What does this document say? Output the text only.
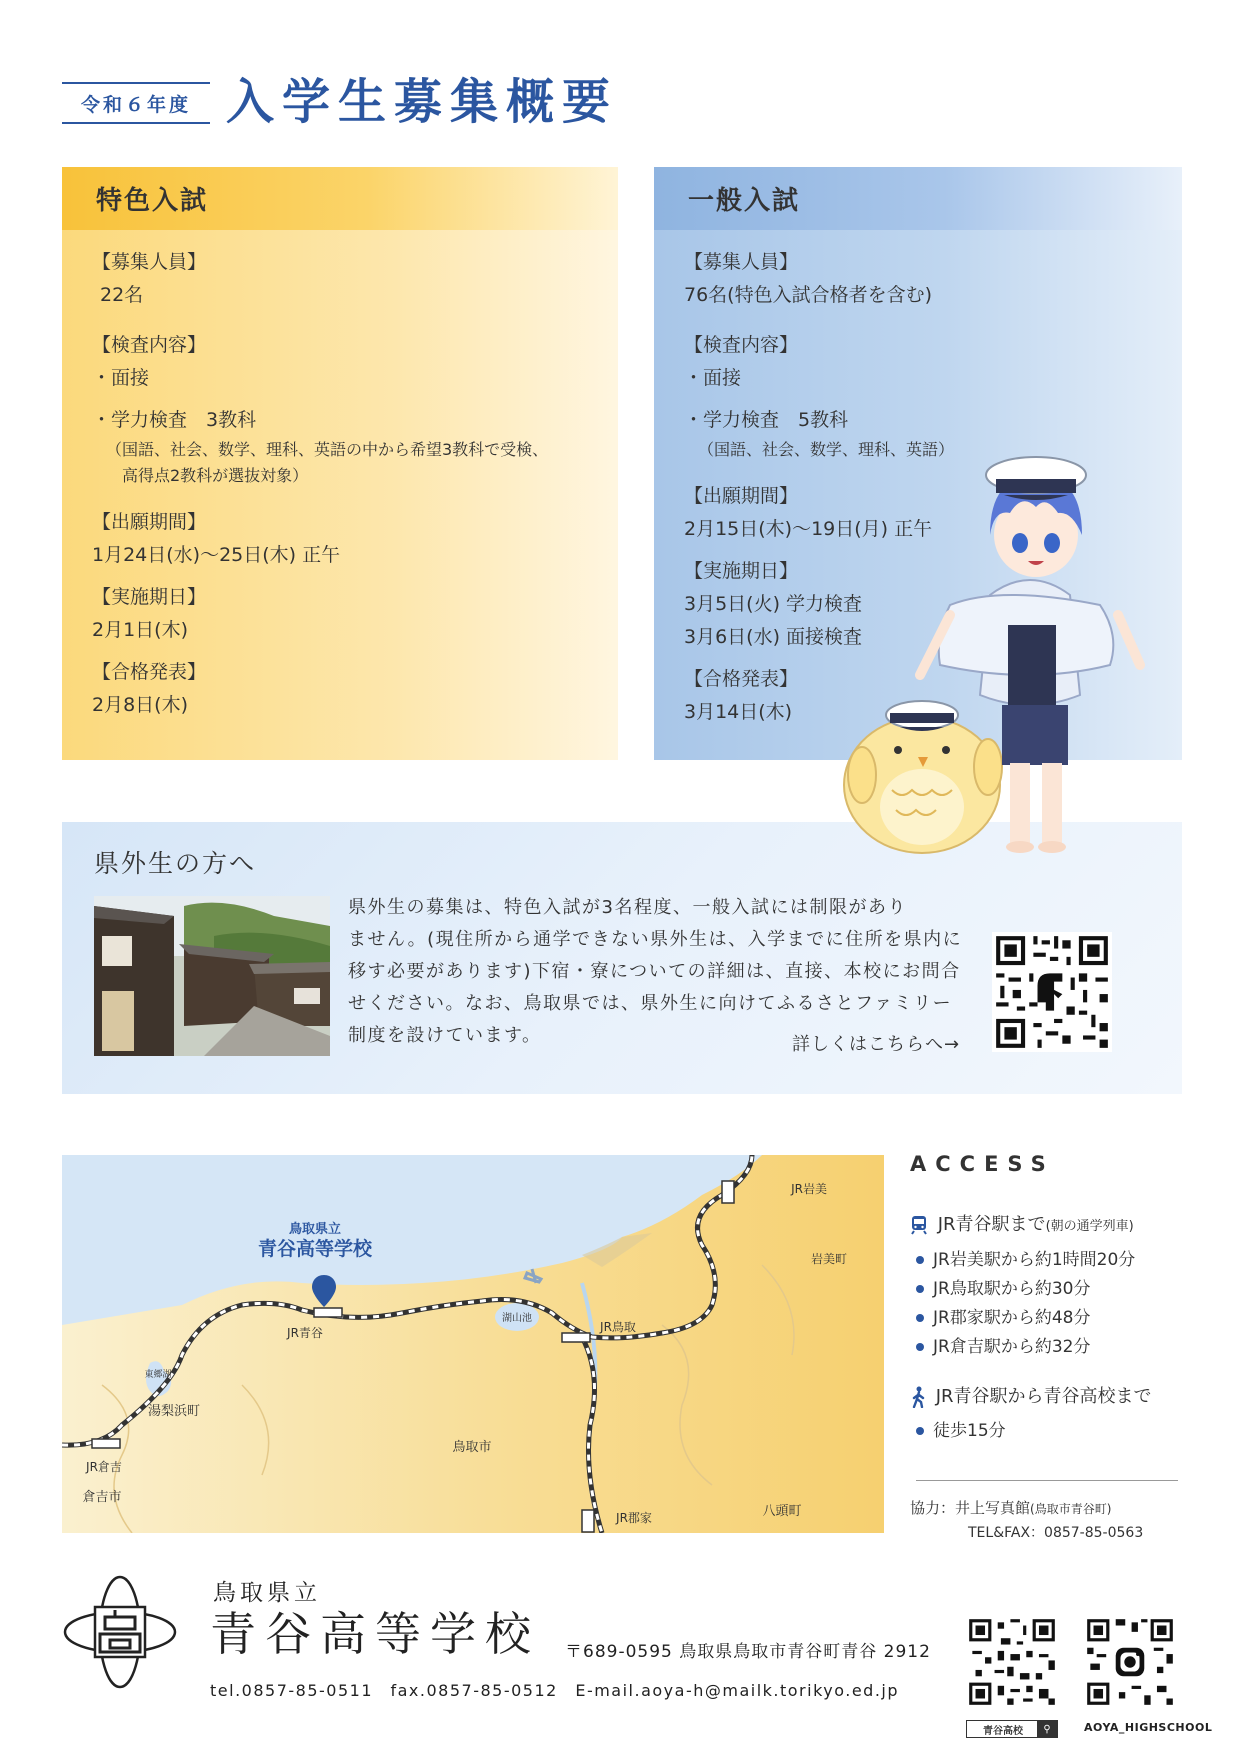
令和６年度 入学生募集概要
特色入試
【募集人員】
22名
【検査内容】
・面接
・学力検査　3教科
（国語、社会、数学、理科、英語の中から希望3教科で受検、
　高得点2教科が選抜対象）
【出願期間】
1月24日(水)～25日(木) 正午
【実施期日】
2月1日(木)
【合格発表】
2月8日(木)
一般入試
【募集人員】
76名(特色入試合格者を含む)
【検査内容】
・面接
・学力検査　5教科
（国語、社会、数学、理科、英語）
【出願期間】
2月15日(木)～19日(月) 正午
【実施期日】
3月5日(火) 学力検査
3月6日(水) 面接検査
【合格発表】
3月14日(木)
県外生の方へ
県外生の募集は、特色入試が3名程度、一般入試には制限があり
ません。(現住所から通学できない県外生は、入学までに住所を県内に
移す必要があります)下宿・寮についての詳細は、直接、本校にお問合
せください。なお、鳥取県では、県外生に向けてふるさとファミリー
制度を設けています。	詳しくはこちらへ→
鳥取県立
青谷高等学校
JR岩美
岩美町
JR青谷
湖山池
JR鳥取
東郷湖
湯梨浜町
鳥取市
JR倉吉
倉吉市
JR郡家	八頭町
ACCESS
JR青谷駅まで(朝の通学列車)
JR岩美駅から約1時間20分
JR鳥取駅から約30分
JR郡家駅から約48分
JR倉吉駅から約32分
JR青谷駅から青谷高校まで
徒歩15分
協力：井上写真館(鳥取市青谷町)
TEL&FAX：0857-85-0563
鳥取県立
青谷高等学校 〒689-0595 鳥取県鳥取市青谷町青谷 2912
tel.0857-85-0511　fax.0857-85-0512　E-mail.aoya-h@mailk.torikyo.ed.jp
青谷高校	⚲	AOYA_HIGHSCHOOL
